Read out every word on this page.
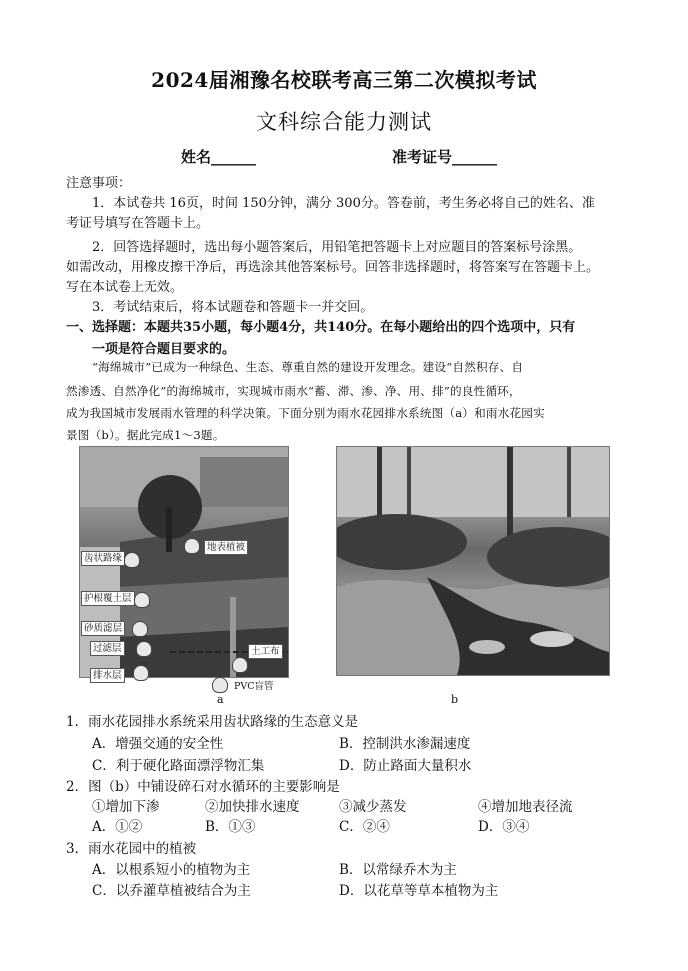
2024届湘豫名校联考高三第二次模拟考试
文科综合能力测试
姓名______	准考证号______
注意事项：
1．本试卷共 16页，时间 150分钟，满分 300分。答卷前，考生务必将自己的姓名、准
考证号填写在答题卡上。
2．回答选择题时，选出每小题答案后，用铅笔把答题卡上对应题目的答案标号涂黑。
如需改动，用橡皮擦干净后，再选涂其他答案标号。回答非选择题时，将答案写在答题卡上。
写在本试卷上无效。
3．考试结束后，将本试题卷和答题卡一并交回。
一、选择题：本题共35小题，每小题4分，共140分。在每小题给出的四个选项中，只有
一项是符合题目要求的。
“海绵城市”已成为一种绿色、生态、尊重自然的建设开发理念。建设“自然积存、自
然渗透、自然净化”的海绵城市，实现城市雨水“蓄、滞、渗、净、用、排”的良性循环，
成为我国城市发展雨水管理的科学决策。下面分别为雨水花园排水系统图（a）和雨水花园实
景图（b）。据此完成1～3题。
地表植被
齿状路缘
护根覆土层
砂质滤层
过滤层	土工布
排水层
PVC盲管
a	b
1．雨水花园排水系统采用齿状路缘的生态意义是
A．增强交通的安全性	B．控制洪水渗漏速度
C．利于硬化路面漂浮物汇集	D．防止路面大量积水
2．图（b）中铺设碎石对水循环的主要影响是
①增加下渗	②加快排水速度	③减少蒸发	④增加地表径流
A．①②	B．①③	C．②④	D．③④
3．雨水花园中的植被
A．以根系短小的植物为主	B．以常绿乔木为主
C．以乔灌草植被结合为主	D．以花草等草本植物为主
